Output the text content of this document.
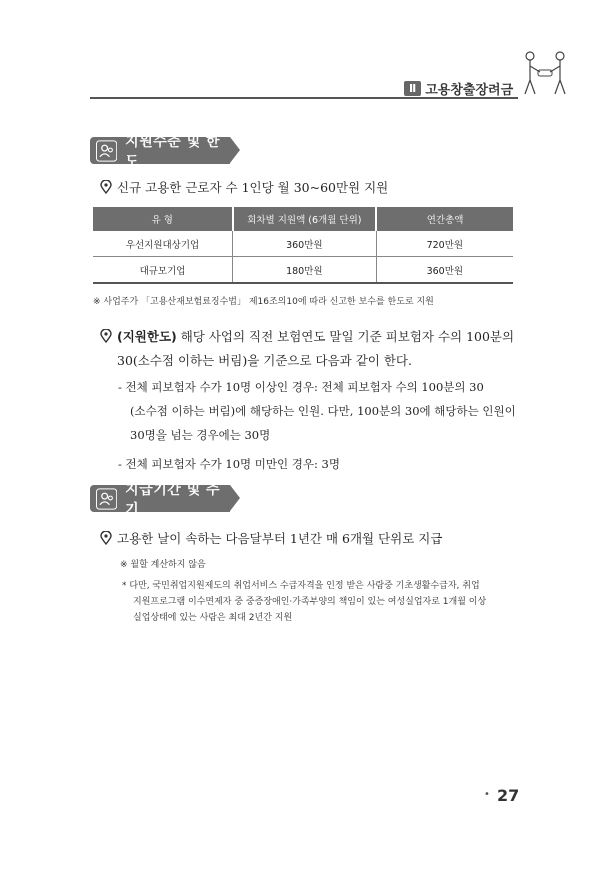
Ⅱ 고용창출장려금
지원수준 및 한도
신규 고용한 근로자 수 1인당 월 30~60만원 지원
유 형	회차별 지원액 (6개월 단위)	연간총액
우선지원대상기업	360만원	720만원
대규모기업	180만원	360만원
※ 사업주가 「고용산재보험료징수법」 제16조의10에 따라 신고한 보수를 한도로 지원
(지원한도) 해당 사업의 직전 보험연도 말일 기준 피보험자 수의 100분의
30(소수점 이하는 버림)을 기준으로 다음과 같이 한다.
- 전체 피보험자 수가 10명 이상인 경우: 전체 피보험자 수의 100분의 30
(소수점 이하는 버림)에 해당하는 인원. 다만, 100분의 30에 해당하는 인원이
30명을 넘는 경우에는 30명
- 전체 피보험자 수가 10명 미만인 경우: 3명
지급기간 및 주기
고용한 날이 속하는 다음달부터 1년간 매 6개월 단위로 지급
※ 월할 계산하지 않음
* 다만, 국민취업지원제도의 취업서비스 수급자격을 인정 받은 사람중 기초생활수급자, 취업
지원프로그램 이수면제자 중 중증장애인·가족부양의 책임이 있는 여성실업자로 1개월 이상
실업상태에 있는 사람은 최대 2년간 지원
• 27
